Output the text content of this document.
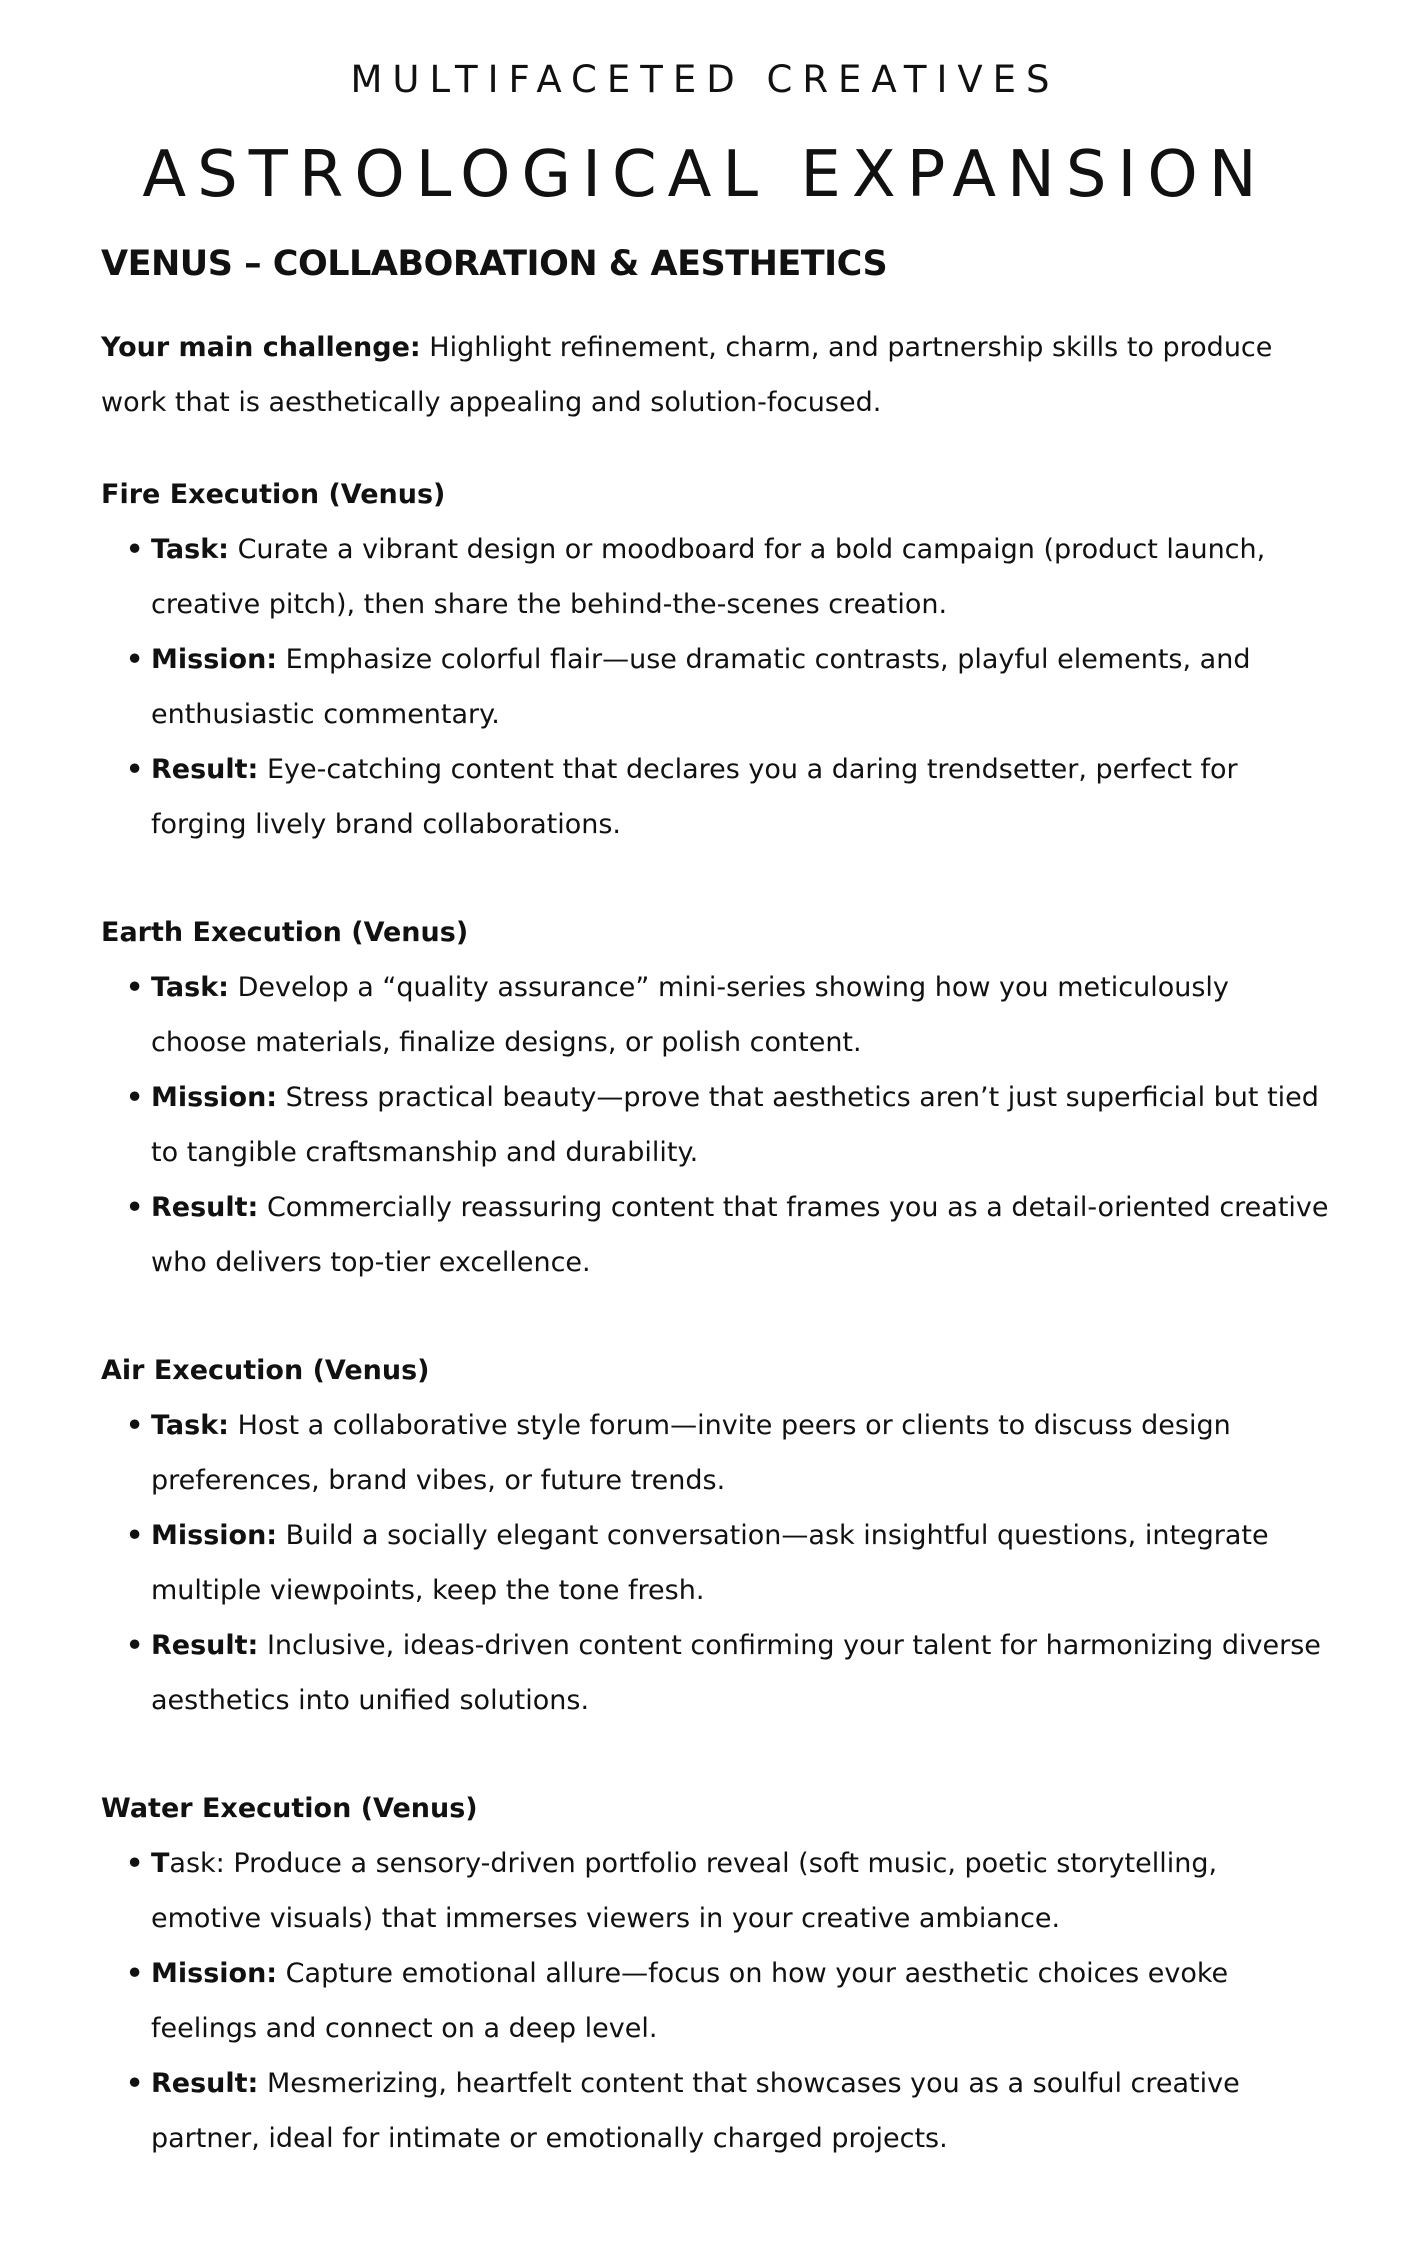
MULTIFACETED CREATIVES
ASTROLOGICAL EXPANSION
VENUS – COLLABORATION & AESTHETICS
Your main challenge: Highlight refinement, charm, and partnership skills to produce work that is aesthetically appealing and solution-focused.
Fire Execution (Venus)
• Task: Curate a vibrant design or moodboard for a bold campaign (product launch, creative pitch), then share the behind-the-scenes creation.
• Mission: Emphasize colorful flair—use dramatic contrasts, playful elements, and enthusiastic commentary.
• Result: Eye-catching content that declares you a daring trendsetter, perfect for forging lively brand collaborations.
Earth Execution (Venus)
• Task: Develop a “quality assurance” mini-series showing how you meticulously choose materials, finalize designs, or polish content.
• Mission: Stress practical beauty—prove that aesthetics aren’t just superficial but tied to tangible craftsmanship and durability.
• Result: Commercially reassuring content that frames you as a detail-oriented creative who delivers top-tier excellence.
Air Execution (Venus)
• Task: Host a collaborative style forum—invite peers or clients to discuss design preferences, brand vibes, or future trends.
• Mission: Build a socially elegant conversation—ask insightful questions, integrate multiple viewpoints, keep the tone fresh.
• Result: Inclusive, ideas-driven content confirming your talent for harmonizing diverse aesthetics into unified solutions.
Water Execution (Venus)
• Task: Produce a sensory-driven portfolio reveal (soft music, poetic storytelling, emotive visuals) that immerses viewers in your creative ambiance.
• Mission: Capture emotional allure—focus on how your aesthetic choices evoke feelings and connect on a deep level.
• Result: Mesmerizing, heartfelt content that showcases you as a soulful creative partner, ideal for intimate or emotionally charged projects.
